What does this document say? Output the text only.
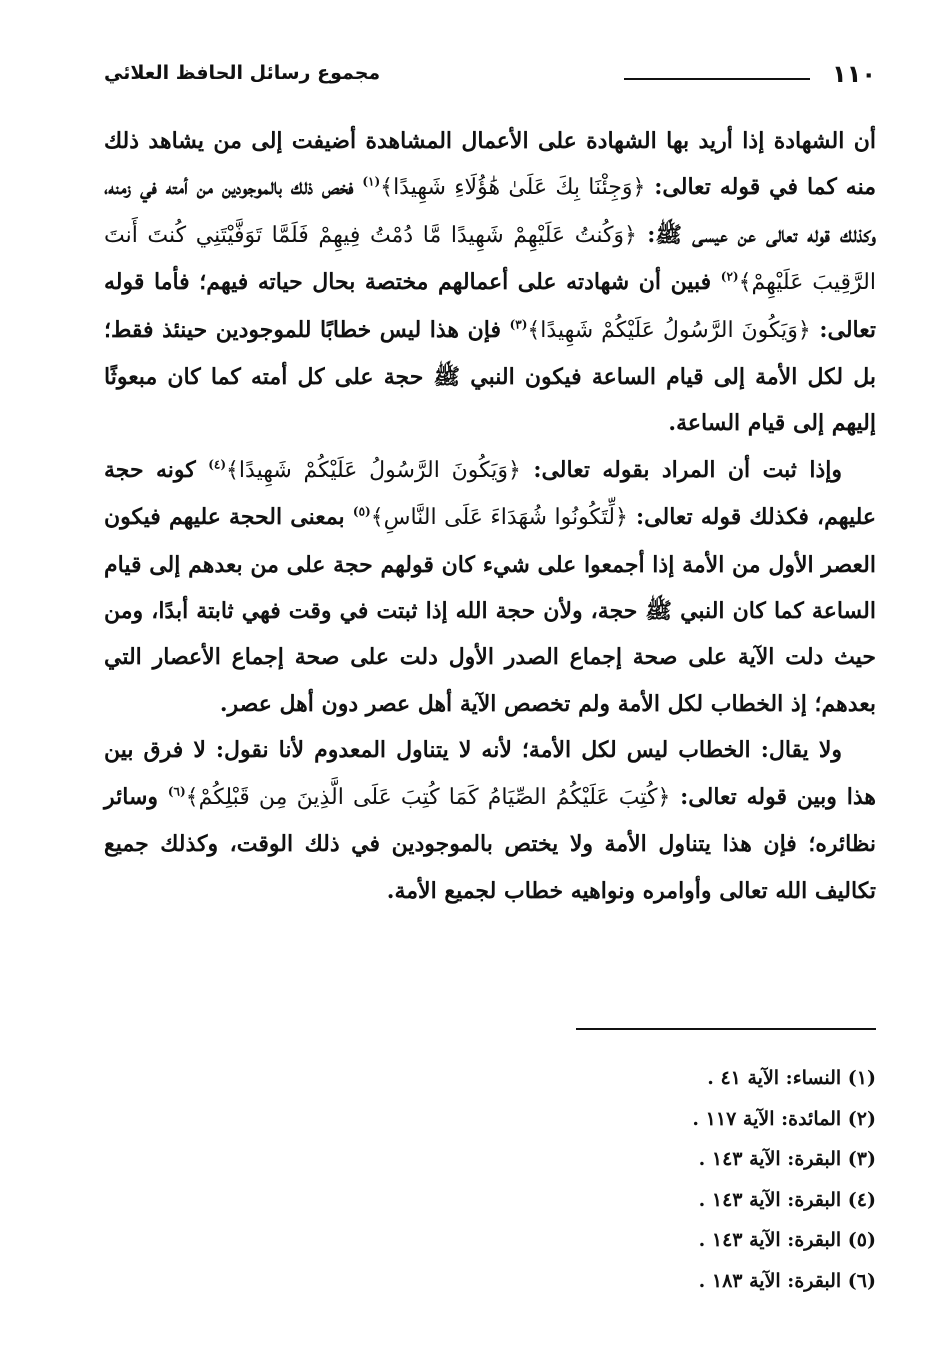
١١٠
مجموع رسائل الحافظ العلائي

أن الشهادة إذا أريد بها الشهادة على الأعمال المشاهدة أضيفت إلى من يشاهد ذلك منه كما في قوله تعالى: ﴿وَجِئْنَا بِكَ عَلَىٰ هَٰؤُلَاءِ شَهِيدًا﴾$^{(١)}$ فخص ذلك بالموجودين من أمته في زمنه، وكذلك قوله تعالى عن عيسى ﷺ: ﴿وَكُنتُ عَلَيْهِمْ شَهِيدًا مَّا دُمْتُ فِيهِمْ فَلَمَّا تَوَفَّيْتَنِي كُنتَ أَنتَ الرَّقِيبَ عَلَيْهِمْ﴾$^{(٢)}$ فبين أن شهادته على أعمالهم مختصة بحال حياته فيهم؛ فأما قوله تعالى: ﴿وَيَكُونَ الرَّسُولُ عَلَيْكُمْ شَهِيدًا﴾$^{(٣)}$ فإن هذا ليس خطابًا للموجودين حينئذ فقط؛ بل لكل الأمة إلى قيام الساعة فيكون النبي ﷺ حجة على كل أمته كما كان مبعوثًا إليهم إلى قيام الساعة.

وإذا ثبت أن المراد بقوله تعالى: ﴿وَيَكُونَ الرَّسُولُ عَلَيْكُمْ شَهِيدًا﴾$^{(٤)}$ كونه حجة عليهم، فكذلك قوله تعالى: ﴿لِّتَكُونُوا شُهَدَاءَ عَلَى النَّاسِ﴾$^{(٥)}$ بمعنى الحجة عليهم فيكون العصر الأول من الأمة إذا أجمعوا على شيء كان قولهم حجة على من بعدهم إلى قيام الساعة كما كان النبي ﷺ حجة، ولأن حجة الله إذا ثبتت في وقت فهي ثابتة أبدًا، ومن حيث دلت الآية على صحة إجماع الصدر الأول دلت على صحة إجماع الأعصار التي بعدهم؛ إذ الخطاب لكل الأمة ولم تخصص الآية أهل عصر دون أهل عصر.

ولا يقال: الخطاب ليس لكل الأمة؛ لأنه لا يتناول المعدوم لأنا نقول: لا فرق بين هذا وبين قوله تعالى: ﴿كُتِبَ عَلَيْكُمُ الصِّيَامُ كَمَا كُتِبَ عَلَى الَّذِينَ مِن قَبْلِكُمْ﴾$^{(٦)}$ وسائر نظائره؛ فإن هذا يتناول الأمة ولا يختص بالموجودين في ذلك الوقت، وكذلك جميع تكاليف الله تعالى وأوامره ونواهيه خطاب لجميع الأمة.

(١) النساء: الآية ٤١ .
(٢) المائدة: الآية ١١٧ .
(٣) البقرة: الآية ١٤٣ .
(٤) البقرة: الآية ١٤٣ .
(٥) البقرة: الآية ١٤٣ .
(٦) البقرة: الآية ١٨٣ .
